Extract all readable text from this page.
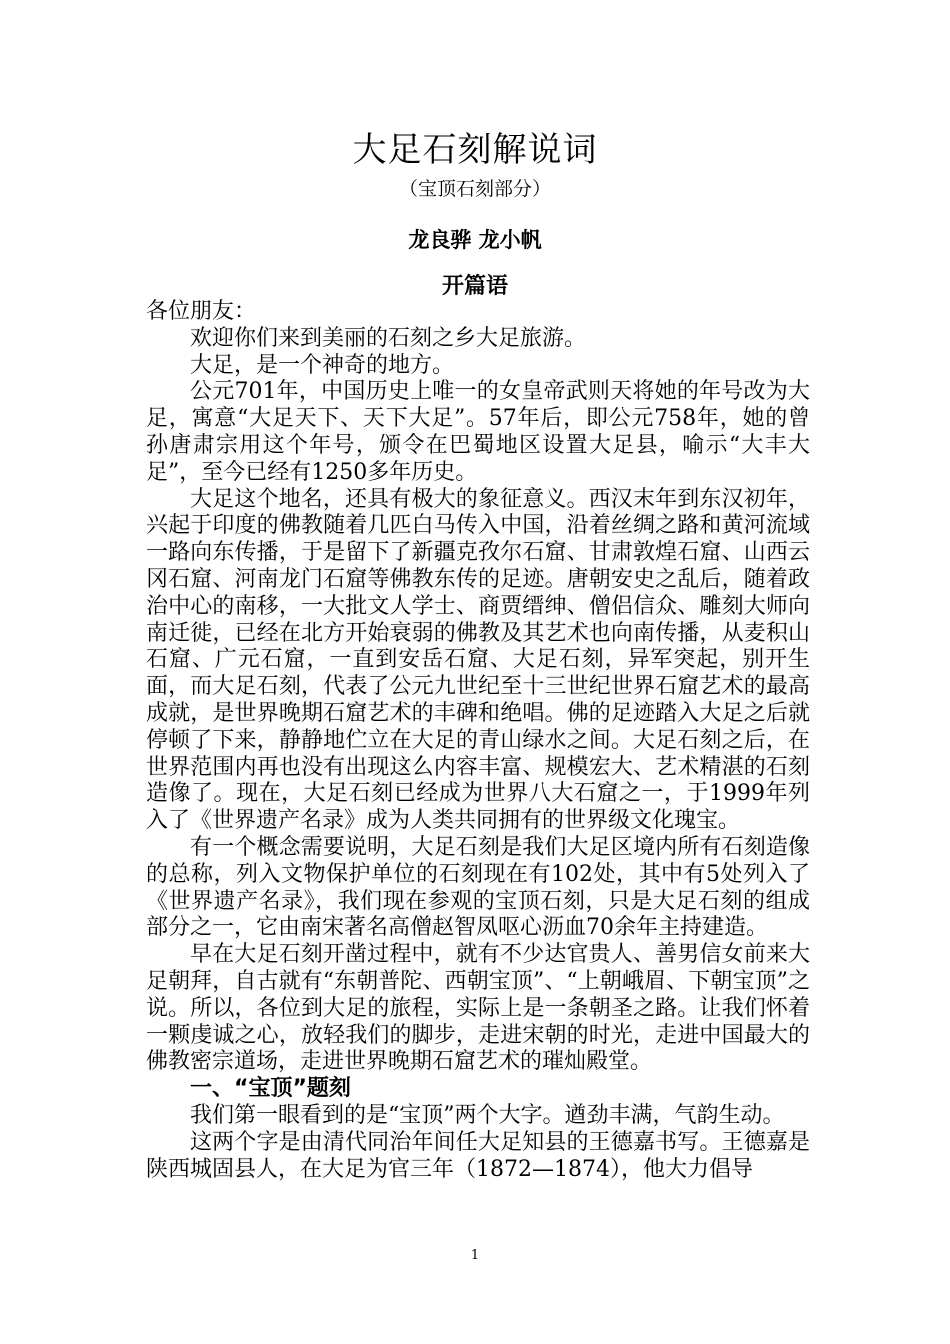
大足石刻解说词
（宝顶石刻部分）
龙良骅 龙小帆
开篇语

各位朋友：

欢迎你们来到美丽的石刻之乡大足旅游。

大足，是一个神奇的地方。

公元701年，中国历史上唯一的女皇帝武则天将她的年号改为大足，寓意“大足天下、天下大足”。57年后，即公元758年，她的曾孙唐肃宗用这个年号，颁令在巴蜀地区设置大足县，喻示“大丰大足”，至今已经有1250多年历史。

大足这个地名，还具有极大的象征意义。西汉末年到东汉初年，兴起于印度的佛教随着几匹白马传入中国，沿着丝绸之路和黄河流域一路向东传播，于是留下了新疆克孜尔石窟、甘肃敦煌石窟、山西云冈石窟、河南龙门石窟等佛教东传的足迹。唐朝安史之乱后，随着政治中心的南移，一大批文人学士、商贾缙绅、僧侣信众、雕刻大师向南迁徙，已经在北方开始衰弱的佛教及其艺术也向南传播，从麦积山石窟、广元石窟，一直到安岳石窟、大足石刻，异军突起，别开生面，而大足石刻，代表了公元九世纪至十三世纪世界石窟艺术的最高成就，是世界晚期石窟艺术的丰碑和绝唱。佛的足迹踏入大足之后就停顿了下来，静静地伫立在大足的青山绿水之间。大足石刻之后，在世界范围内再也没有出现这么内容丰富、规模宏大、艺术精湛的石刻造像了。现在，大足石刻已经成为世界八大石窟之一，于1999年列入了《世界遗产名录》成为人类共同拥有的世界级文化瑰宝。

有一个概念需要说明，大足石刻是我们大足区境内所有石刻造像的总称，列入文物保护单位的石刻现在有102处，其中有5处列入了《世界遗产名录》，我们现在参观的宝顶石刻，只是大足石刻的组成部分之一，它由南宋著名高僧赵智凤呕心沥血70余年主持建造。

早在大足石刻开凿过程中，就有不少达官贵人、善男信女前来大足朝拜，自古就有“东朝普陀、西朝宝顶”、“上朝峨眉、下朝宝顶”之说。所以，各位到大足的旅程，实际上是一条朝圣之路。让我们怀着一颗虔诚之心，放轻我们的脚步，走进宋朝的时光，走进中国最大的佛教密宗道场，走进世界晚期石窟艺术的璀灿殿堂。

一、“宝顶”题刻

我们第一眼看到的是“宝顶”两个大字。遒劲丰满，气韵生动。

这两个字是由清代同治年间任大足知县的王德嘉书写。王德嘉是陕西城固县人，在大足为官三年（1872—1874），他大力倡导

1
